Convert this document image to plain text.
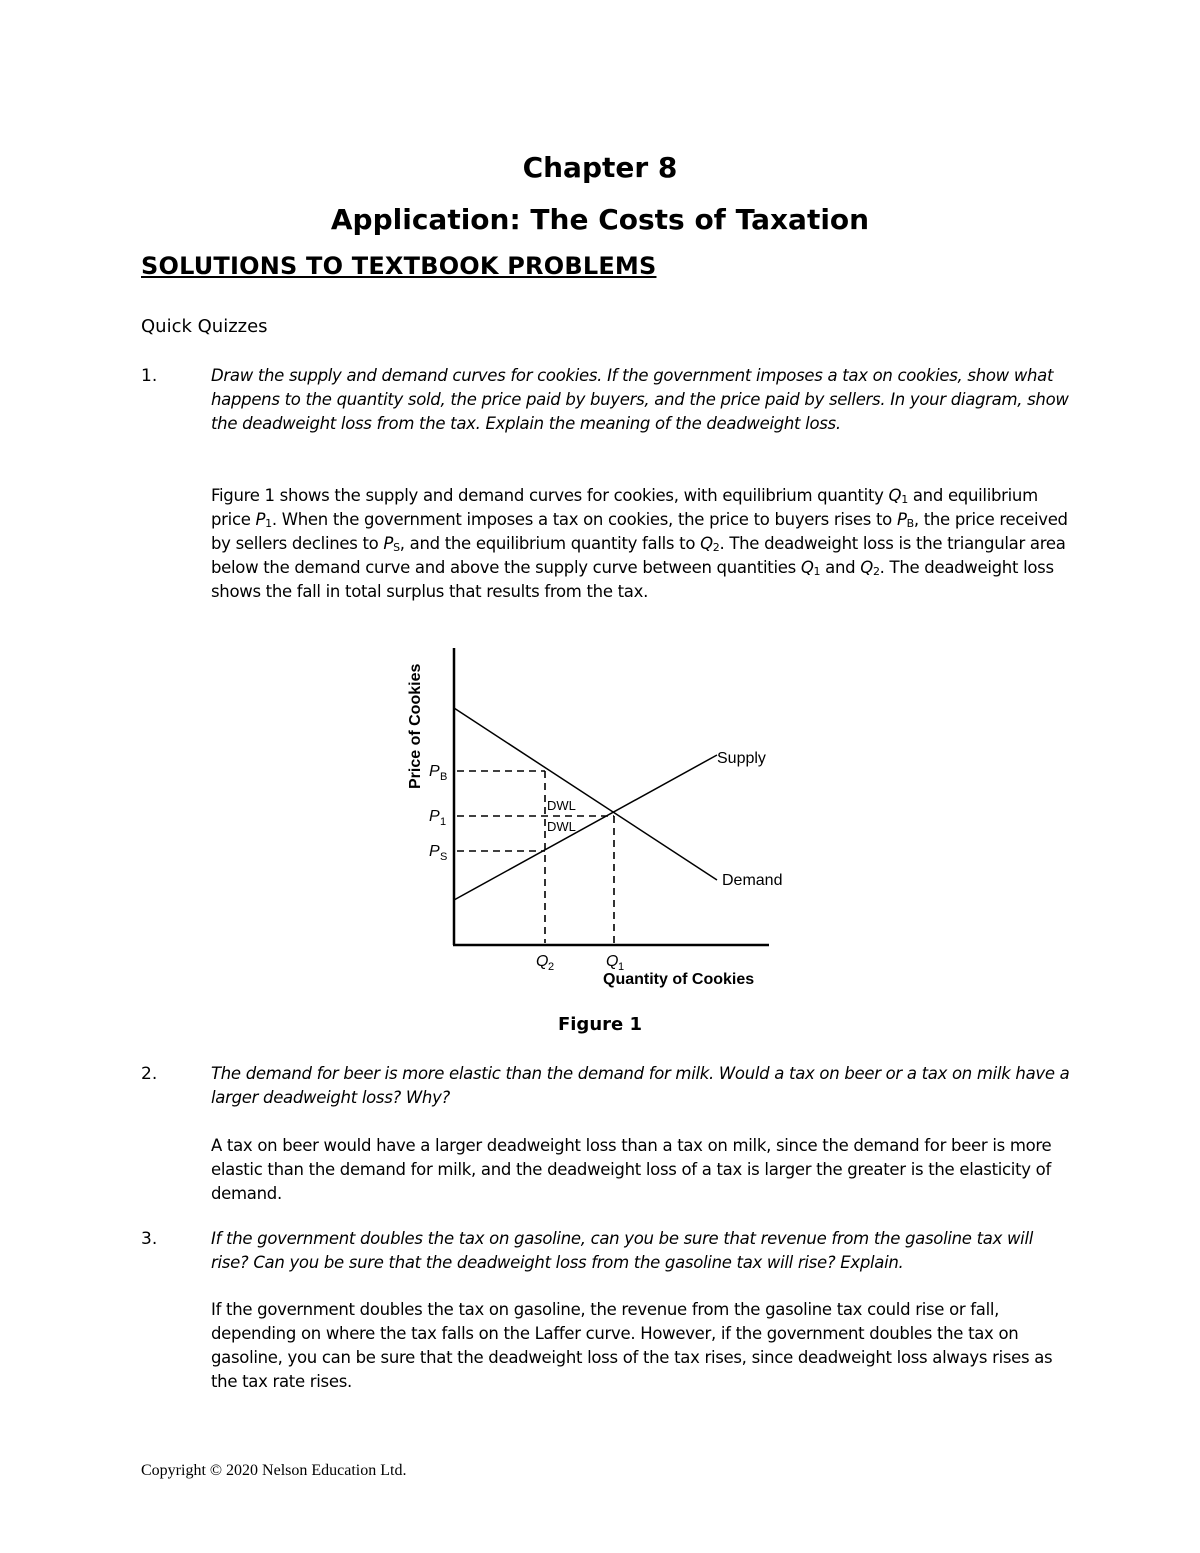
Chapter 8
Application: The Costs of Taxation
SOLUTIONS TO TEXTBOOK PROBLEMS
Quick Quizzes
1.	Draw the supply and demand curves for cookies. If the government imposes a tax on cookies, show what happens to the quantity sold, the price paid by buyers, and the price paid by sellers. In your diagram, show the deadweight loss from the tax. Explain the meaning of the deadweight loss.
Figure 1 shows the supply and demand curves for cookies, with equilibrium quantity $Q_1$ and equilibrium price $P_1$. When the government imposes a tax on cookies, the price to buyers rises to $P_B$, the price received by sellers declines to $P_S$, and the equilibrium quantity falls to $Q_2$. The deadweight loss is the triangular area below the demand curve and above the supply curve between quantities $Q_1$ and $Q_2$. The deadweight loss shows the fall in total surplus that results from the tax.
DWL
DWL
Supply
Demand
P B
P 1
P S
Q 2	Q 1
Quantity of Cookies
Price of Cookies
Figure 1
2.	The demand for beer is more elastic than the demand for milk. Would a tax on beer or a tax on milk have a larger deadweight loss? Why?
A tax on beer would have a larger deadweight loss than a tax on milk, since the demand for beer is more elastic than the demand for milk, and the deadweight loss of a tax is larger the greater is the elasticity of demand.
3.	If the government doubles the tax on gasoline, can you be sure that revenue from the gasoline tax will rise? Can you be sure that the deadweight loss from the gasoline tax will rise? Explain.
If the government doubles the tax on gasoline, the revenue from the gasoline tax could rise or fall, depending on where the tax falls on the Laffer curve. However, if the government doubles the tax on gasoline, you can be sure that the deadweight loss of the tax rises, since deadweight loss always rises as the tax rate rises.
Copyright © 2020 Nelson Education Ltd.
